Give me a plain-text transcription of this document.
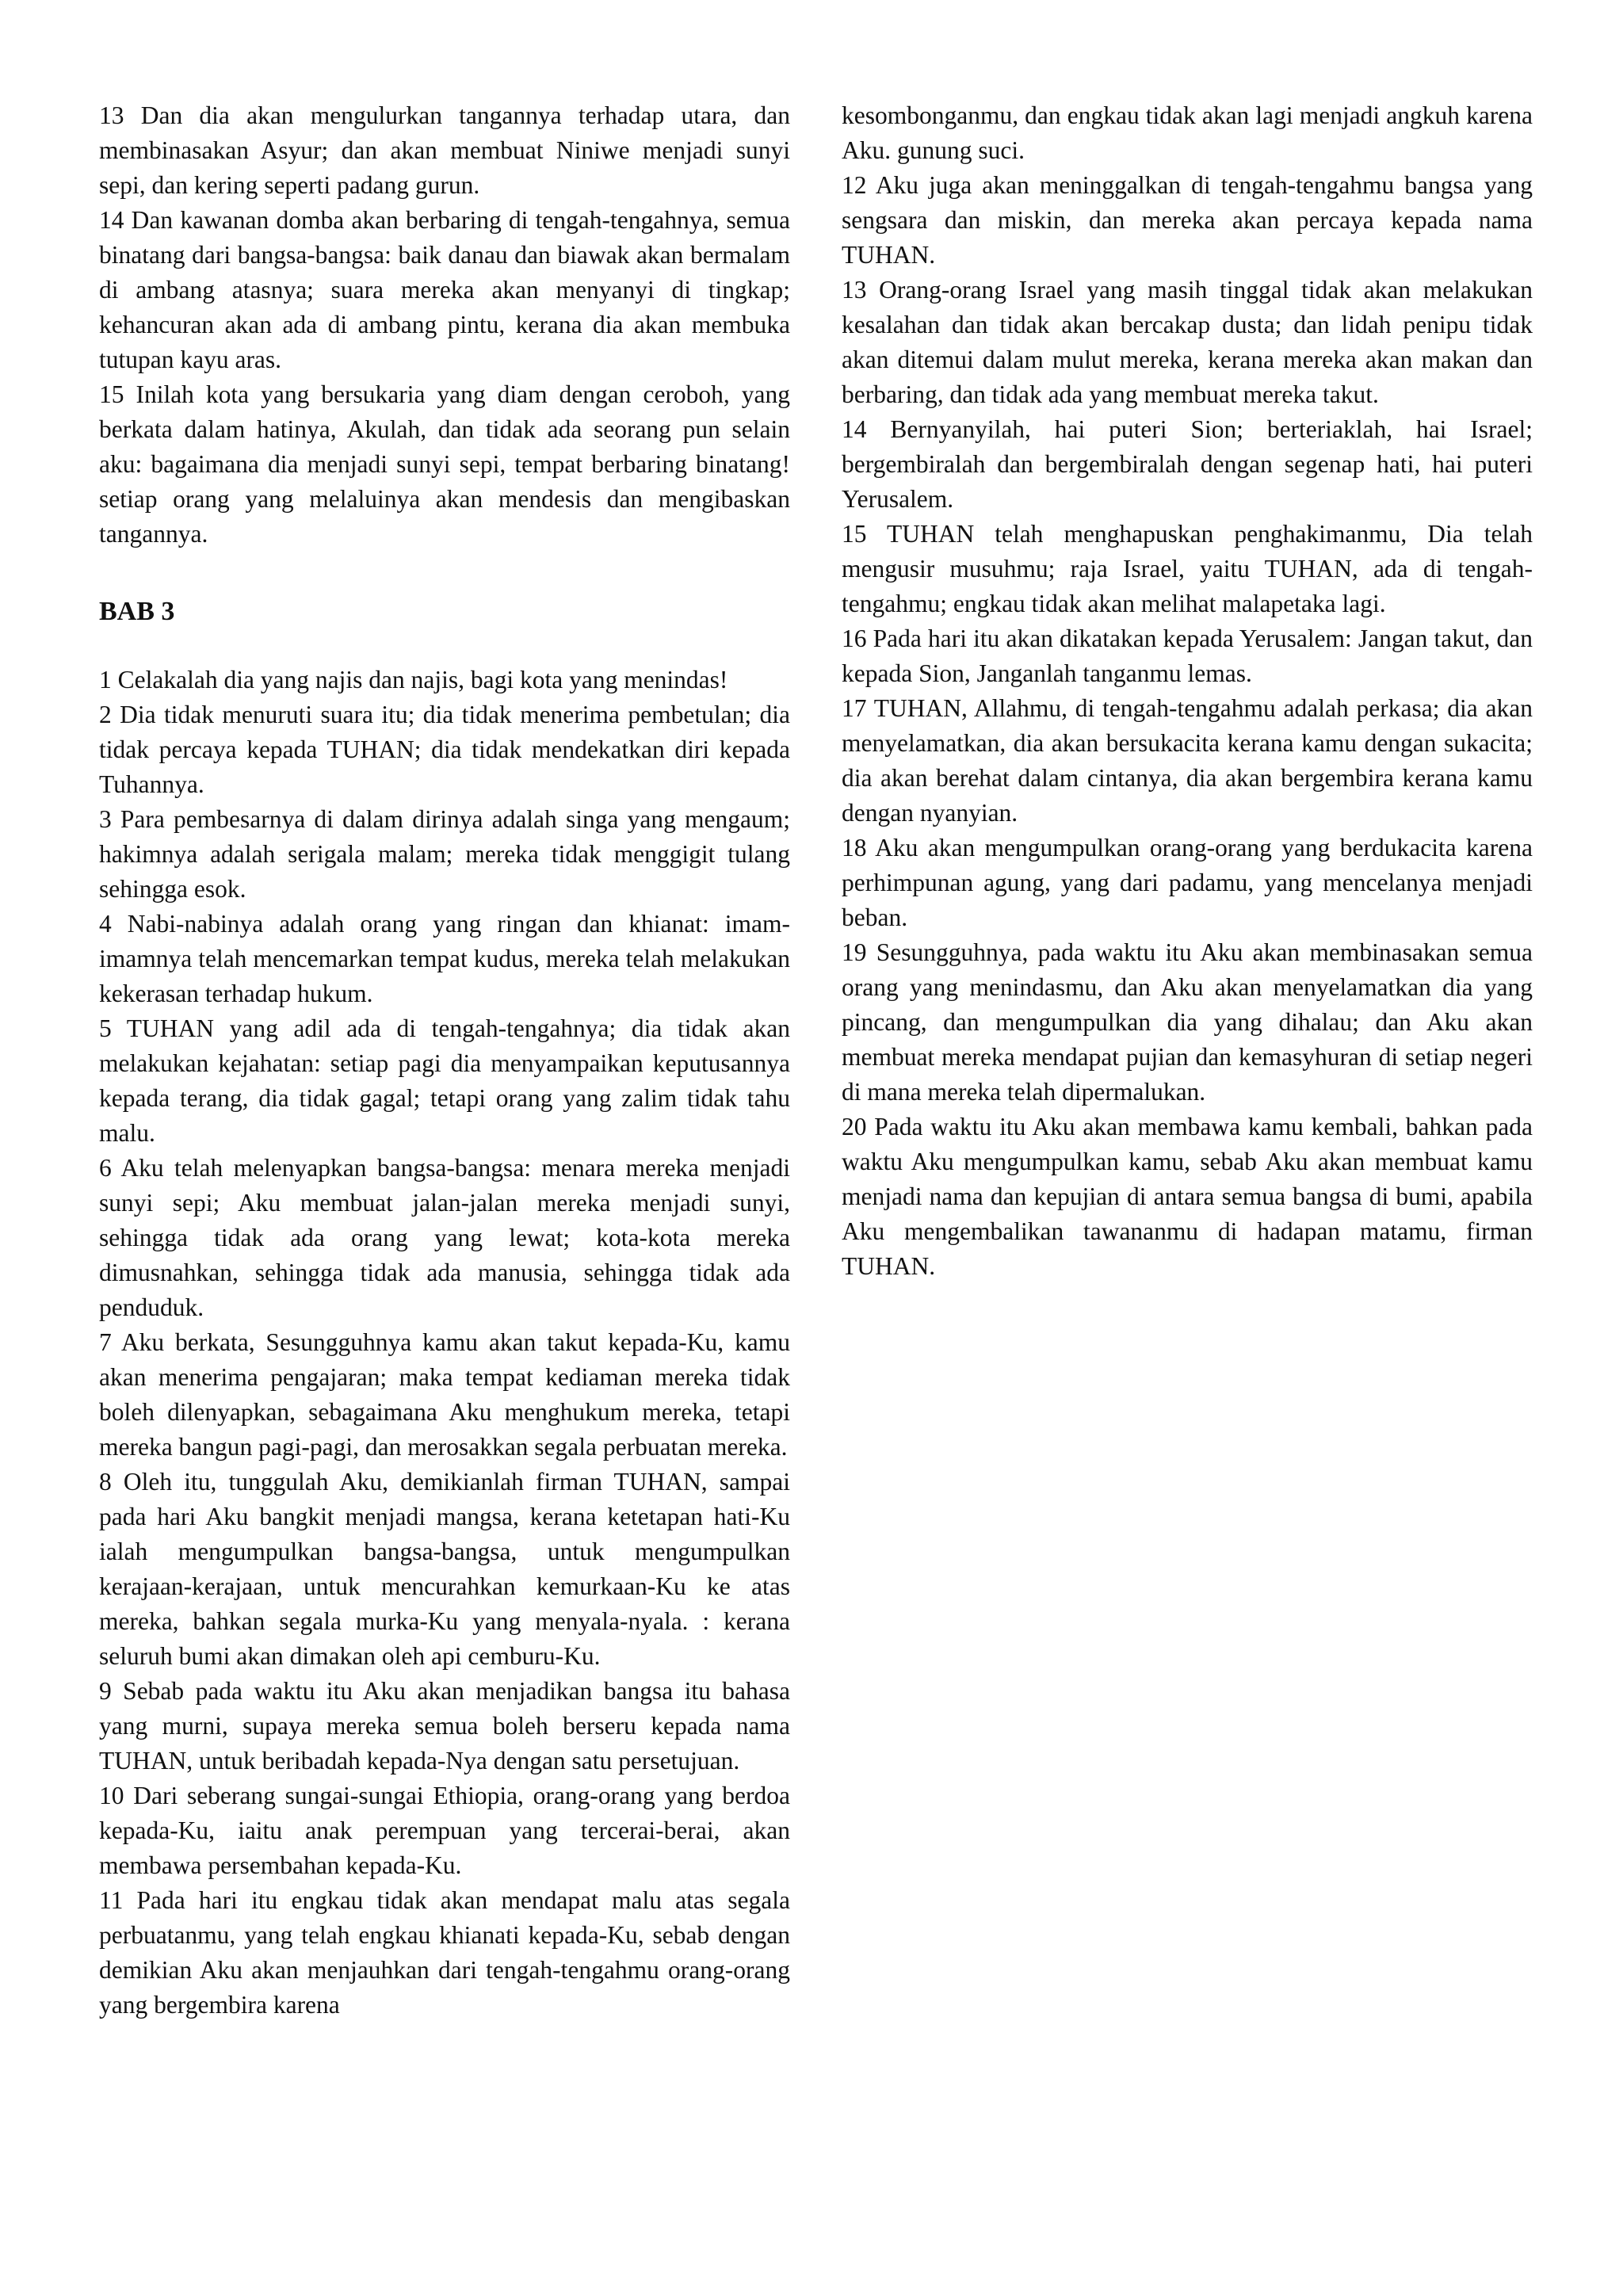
13 Dan dia akan mengulurkan tangannya terhadap utara, dan membinasakan Asyur; dan akan membuat Niniwe menjadi sunyi sepi, dan kering seperti padang gurun.

14 Dan kawanan domba akan berbaring di tengah-tengahnya, semua binatang dari bangsa-bangsa: baik danau dan biawak akan bermalam di ambang atasnya; suara mereka akan menyanyi di tingkap; kehancuran akan ada di ambang pintu, kerana dia akan membuka tutupan kayu aras.

15 Inilah kota yang bersukaria yang diam dengan ceroboh, yang berkata dalam hatinya, Akulah, dan tidak ada seorang pun selain aku: bagaimana dia menjadi sunyi sepi, tempat berbaring binatang! setiap orang yang melaluinya akan mendesis dan mengibaskan tangannya.

BAB 3

1 Celakalah dia yang najis dan najis, bagi kota yang menindas!

2 Dia tidak menuruti suara itu; dia tidak menerima pembetulan; dia tidak percaya kepada TUHAN; dia tidak mendekatkan diri kepada Tuhannya.

3 Para pembesarnya di dalam dirinya adalah singa yang mengaum; hakimnya adalah serigala malam; mereka tidak menggigit tulang sehingga esok.

4 Nabi-nabinya adalah orang yang ringan dan khianat: imam-imamnya telah mencemarkan tempat kudus, mereka telah melakukan kekerasan terhadap hukum.

5 TUHAN yang adil ada di tengah-tengahnya; dia tidak akan melakukan kejahatan: setiap pagi dia menyampaikan keputusannya kepada terang, dia tidak gagal; tetapi orang yang zalim tidak tahu malu.

6 Aku telah melenyapkan bangsa-bangsa: menara mereka menjadi sunyi sepi; Aku membuat jalan-jalan mereka menjadi sunyi, sehingga tidak ada orang yang lewat; kota-kota mereka dimusnahkan, sehingga tidak ada manusia, sehingga tidak ada penduduk.

7 Aku berkata, Sesungguhnya kamu akan takut kepada-Ku, kamu akan menerima pengajaran; maka tempat kediaman mereka tidak boleh dilenyapkan, sebagaimana Aku menghukum mereka, tetapi mereka bangun pagi-pagi, dan merosakkan segala perbuatan mereka.

8 Oleh itu, tunggulah Aku, demikianlah firman TUHAN, sampai pada hari Aku bangkit menjadi mangsa, kerana ketetapan hati-Ku ialah mengumpulkan bangsa-bangsa, untuk mengumpulkan kerajaan-kerajaan, untuk mencurahkan kemurkaan-Ku ke atas mereka, bahkan segala murka-Ku yang menyala-nyala. : kerana seluruh bumi akan dimakan oleh api cemburu-Ku.

9 Sebab pada waktu itu Aku akan menjadikan bangsa itu bahasa yang murni, supaya mereka semua boleh berseru kepada nama TUHAN, untuk beribadah kepada-Nya dengan satu persetujuan.

10 Dari seberang sungai-sungai Ethiopia, orang-orang yang berdoa kepada-Ku, iaitu anak perempuan yang tercerai-berai, akan membawa persembahan kepada-Ku.

11 Pada hari itu engkau tidak akan mendapat malu atas segala perbuatanmu, yang telah engkau khianati kepada-Ku, sebab dengan demikian Aku akan menjauhkan dari tengah-tengahmu orang-orang yang bergembira karena

kesombonganmu, dan engkau tidak akan lagi menjadi angkuh karena Aku. gunung suci.

12 Aku juga akan meninggalkan di tengah-tengahmu bangsa yang sengsara dan miskin, dan mereka akan percaya kepada nama TUHAN.

13 Orang-orang Israel yang masih tinggal tidak akan melakukan kesalahan dan tidak akan bercakap dusta; dan lidah penipu tidak akan ditemui dalam mulut mereka, kerana mereka akan makan dan berbaring, dan tidak ada yang membuat mereka takut.

14 Bernyanyilah, hai puteri Sion; berteriaklah, hai Israel; bergembiralah dan bergembiralah dengan segenap hati, hai puteri Yerusalem.

15 TUHAN telah menghapuskan penghakimanmu, Dia telah mengusir musuhmu; raja Israel, yaitu TUHAN, ada di tengah-tengahmu; engkau tidak akan melihat malapetaka lagi.

16 Pada hari itu akan dikatakan kepada Yerusalem: Jangan takut, dan kepada Sion, Janganlah tanganmu lemas.

17 TUHAN, Allahmu, di tengah-tengahmu adalah perkasa; dia akan menyelamatkan, dia akan bersukacita kerana kamu dengan sukacita; dia akan berehat dalam cintanya, dia akan bergembira kerana kamu dengan nyanyian.

18 Aku akan mengumpulkan orang-orang yang berdukacita karena perhimpunan agung, yang dari padamu, yang mencelanya menjadi beban.

19 Sesungguhnya, pada waktu itu Aku akan membinasakan semua orang yang menindasmu, dan Aku akan menyelamatkan dia yang pincang, dan mengumpulkan dia yang dihalau; dan Aku akan membuat mereka mendapat pujian dan kemasyhuran di setiap negeri di mana mereka telah dipermalukan.

20 Pada waktu itu Aku akan membawa kamu kembali, bahkan pada waktu Aku mengumpulkan kamu, sebab Aku akan membuat kamu menjadi nama dan kepujian di antara semua bangsa di bumi, apabila Aku mengembalikan tawananmu di hadapan matamu, firman TUHAN.
